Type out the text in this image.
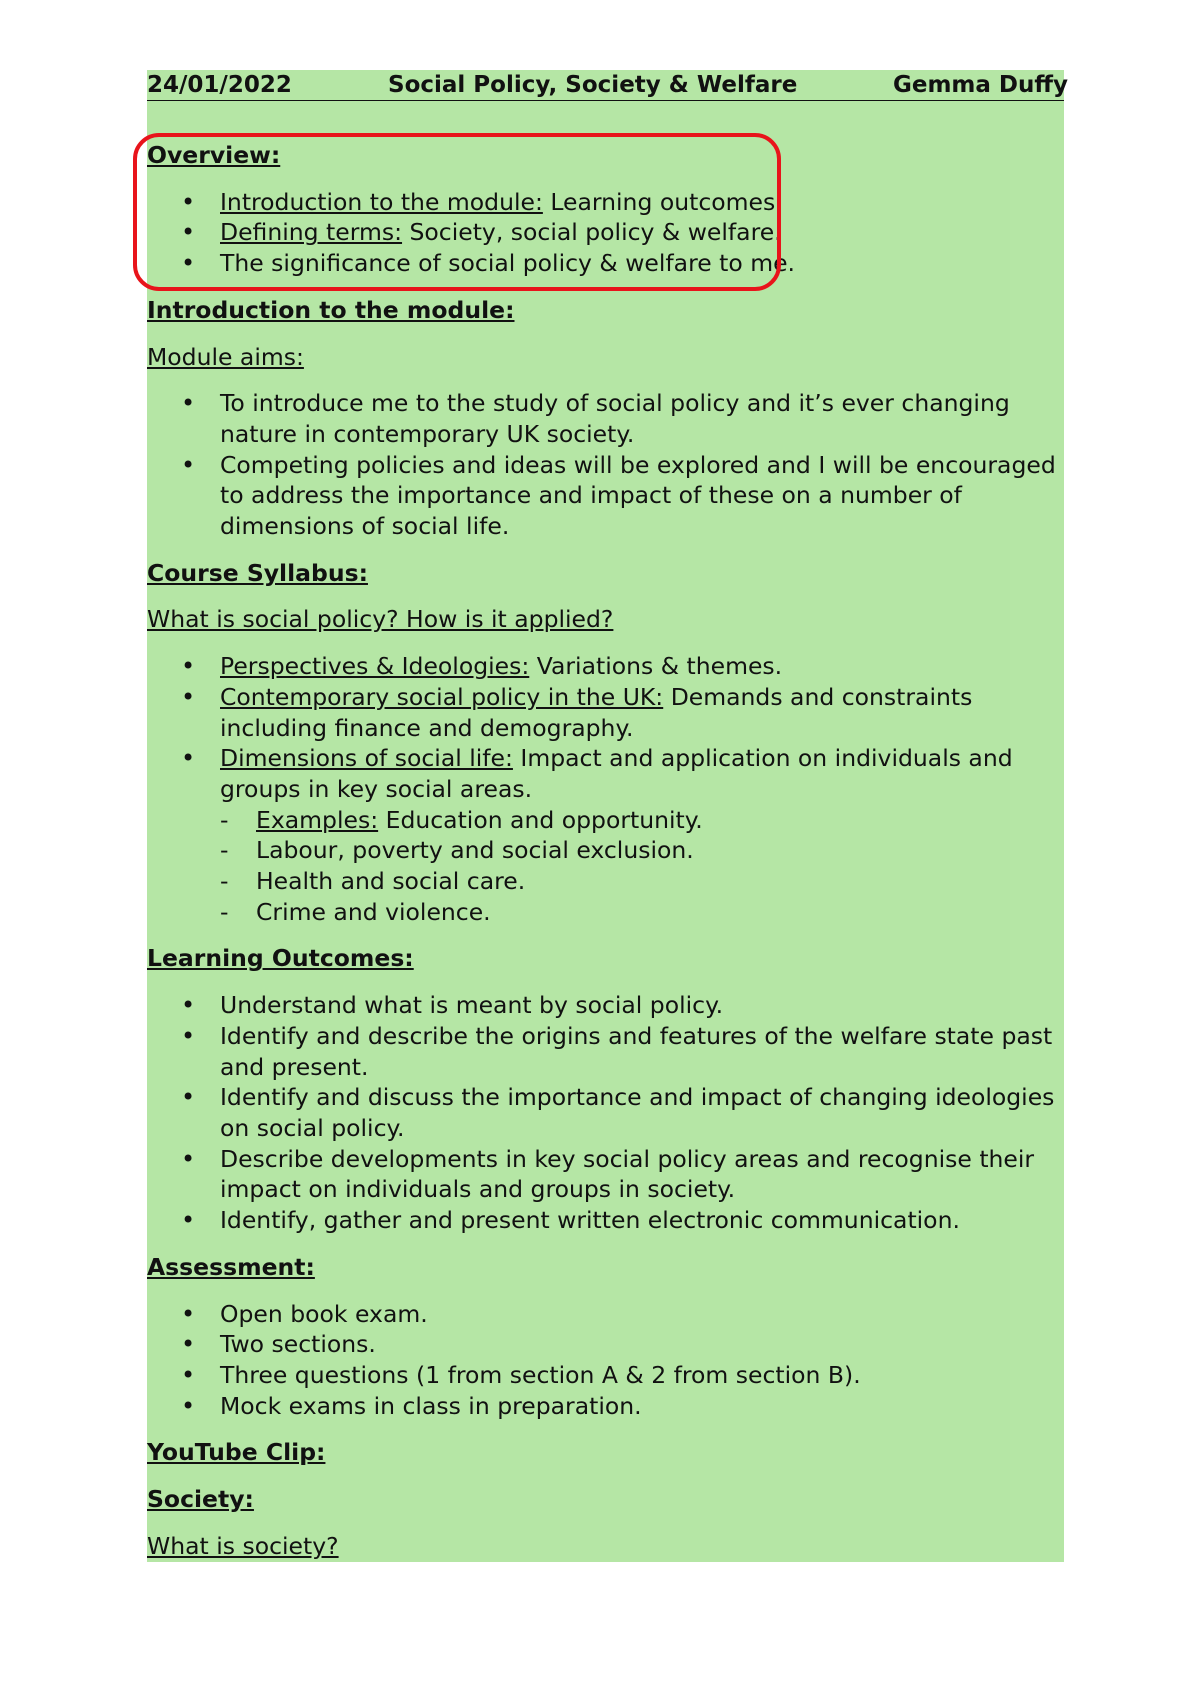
24/01/2022	Social Policy, Society & Welfare	Gemma Duffy
Overview:
• Introduction to the module: Learning outcomes.
• Defining terms: Society, social policy & welfare.
• The significance of social policy & welfare to me.
Introduction to the module:
Module aims:
• To introduce me to the study of social policy and it’s ever changing nature in contemporary UK society.
• Competing policies and ideas will be explored and I will be encouraged to address the importance and impact of these on a number of dimensions of social life.
Course Syllabus:
What is social policy? How is it applied?
• Perspectives & Ideologies: Variations & themes.
• Contemporary social policy in the UK: Demands and constraints including finance and demography.
• Dimensions of social life: Impact and application on individuals and groups in key social areas.
- Examples: Education and opportunity.
- Labour, poverty and social exclusion.
- Health and social care.
- Crime and violence.
Learning Outcomes:
• Understand what is meant by social policy.
• Identify and describe the origins and features of the welfare state past and present.
• Identify and discuss the importance and impact of changing ideologies on social policy.
• Describe developments in key social policy areas and recognise their impact on individuals and groups in society.
• Identify, gather and present written electronic communication.
Assessment:
• Open book exam.
• Two sections.
• Three questions (1 from section A & 2 from section B).
• Mock exams in class in preparation.
YouTube Clip:
Society:
What is society?
